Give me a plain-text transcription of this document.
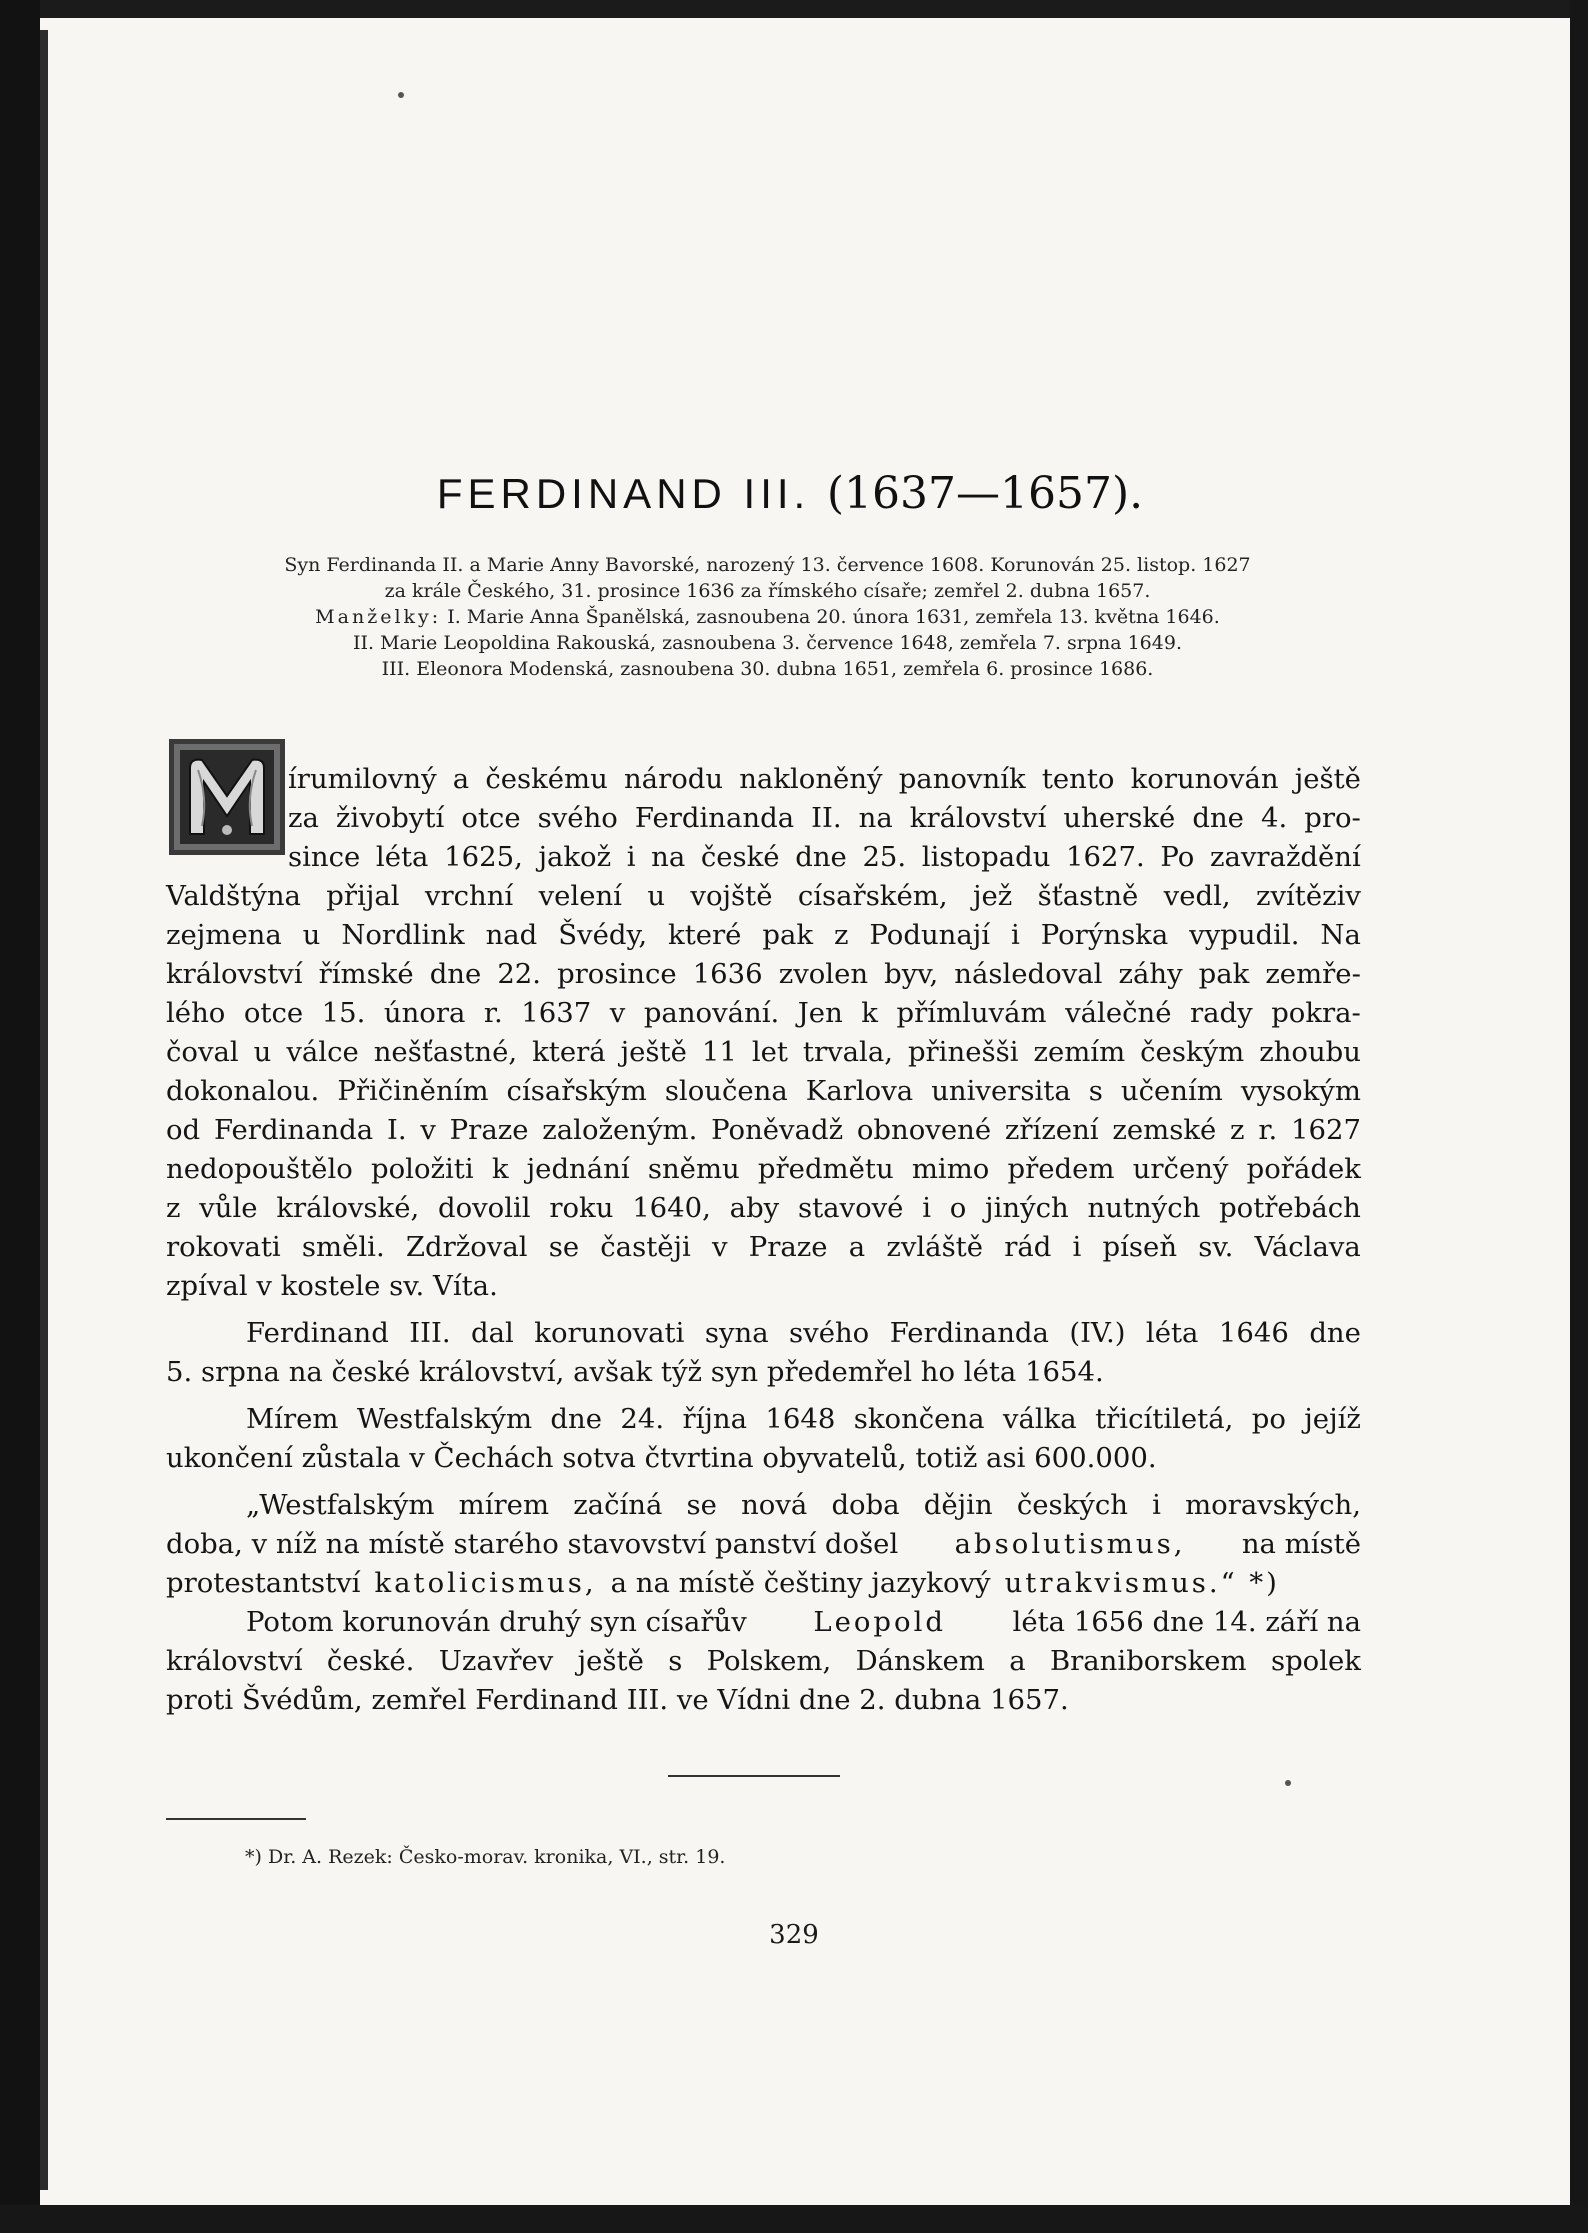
FERDINAND III. (1637—1657).
Syn Ferdinanda II. a Marie Anny Bavorské, narozený 13. července 1608. Korunován 25. listop. 1627
za krále Českého, 31. prosince 1636 za římského císaře; zemřel 2. dubna 1657.
Manželky: I. Marie Anna Španělská, zasnoubena 20. února 1631, zemřela 13. května 1646.
II. Marie Leopoldina Rakouská, zasnoubena 3. července 1648, zemřela 7. srpna 1649.
III. Eleonora Modenská, zasnoubena 30. dubna 1651, zemřela 6. prosince 1686.
írumilovný a českému národu nakloněný panovník tento korunován ještě
za živobytí otce svého Ferdinanda II. na království uherské dne 4. pro-
since léta 1625, jakož i na české dne 25. listopadu 1627. Po zavraždění
Valdštýna přijal vrchní velení u vojště císařském, jež šťastně vedl, zvítěziv
zejmena u Nordlink nad Švédy, které pak z Podunají i Porýnska vypudil. Na
království římské dne 22. prosince 1636 zvolen byv, následoval záhy pak zemře-
lého otce 15. února r. 1637 v panování. Jen k přímluvám válečné rady pokra-
čoval u válce nešťastné, která ještě 11 let trvala, přinešši zemím českým zhoubu
dokonalou. Přičiněním císařským sloučena Karlova universita s učením vysokým
od Ferdinanda I. v Praze založeným. Poněvadž obnovené zřízení zemské z r. 1627
nedopouštělo položiti k jednání sněmu předmětu mimo předem určený pořádek
z vůle královské, dovolil roku 1640, aby stavové i o jiných nutných potřebách
rokovati směli. Zdržoval se častěji v Praze a zvláště rád i píseň sv. Václava
zpíval v kostele sv. Víta.
Ferdinand III. dal korunovati syna svého Ferdinanda (IV.) léta 1646 dne
5. srpna na české království, avšak týž syn předemřel ho léta 1654.
Mírem Westfalským dne 24. října 1648 skončena válka třicítiletá, po jejíž
ukončení zůstala v Čechách sotva čtvrtina obyvatelů, totiž asi 600.000.
„Westfalským mírem začíná se nová doba dějin českých i moravských,
doba, v níž na místě starého stavovství panství došel absolutismus, na místě
protestantství katolicismus, a na místě češtiny jazykový utrakvismus.“ *)
Potom korunován druhý syn císařův Leopold léta 1656 dne 14. září na
království české. Uzavřev ještě s Polskem, Dánskem a Braniborskem spolek
proti Švédům, zemřel Ferdinand III. ve Vídni dne 2. dubna 1657.
*) Dr. A. Rezek: Česko-morav. kronika, VI., str. 19.
329
